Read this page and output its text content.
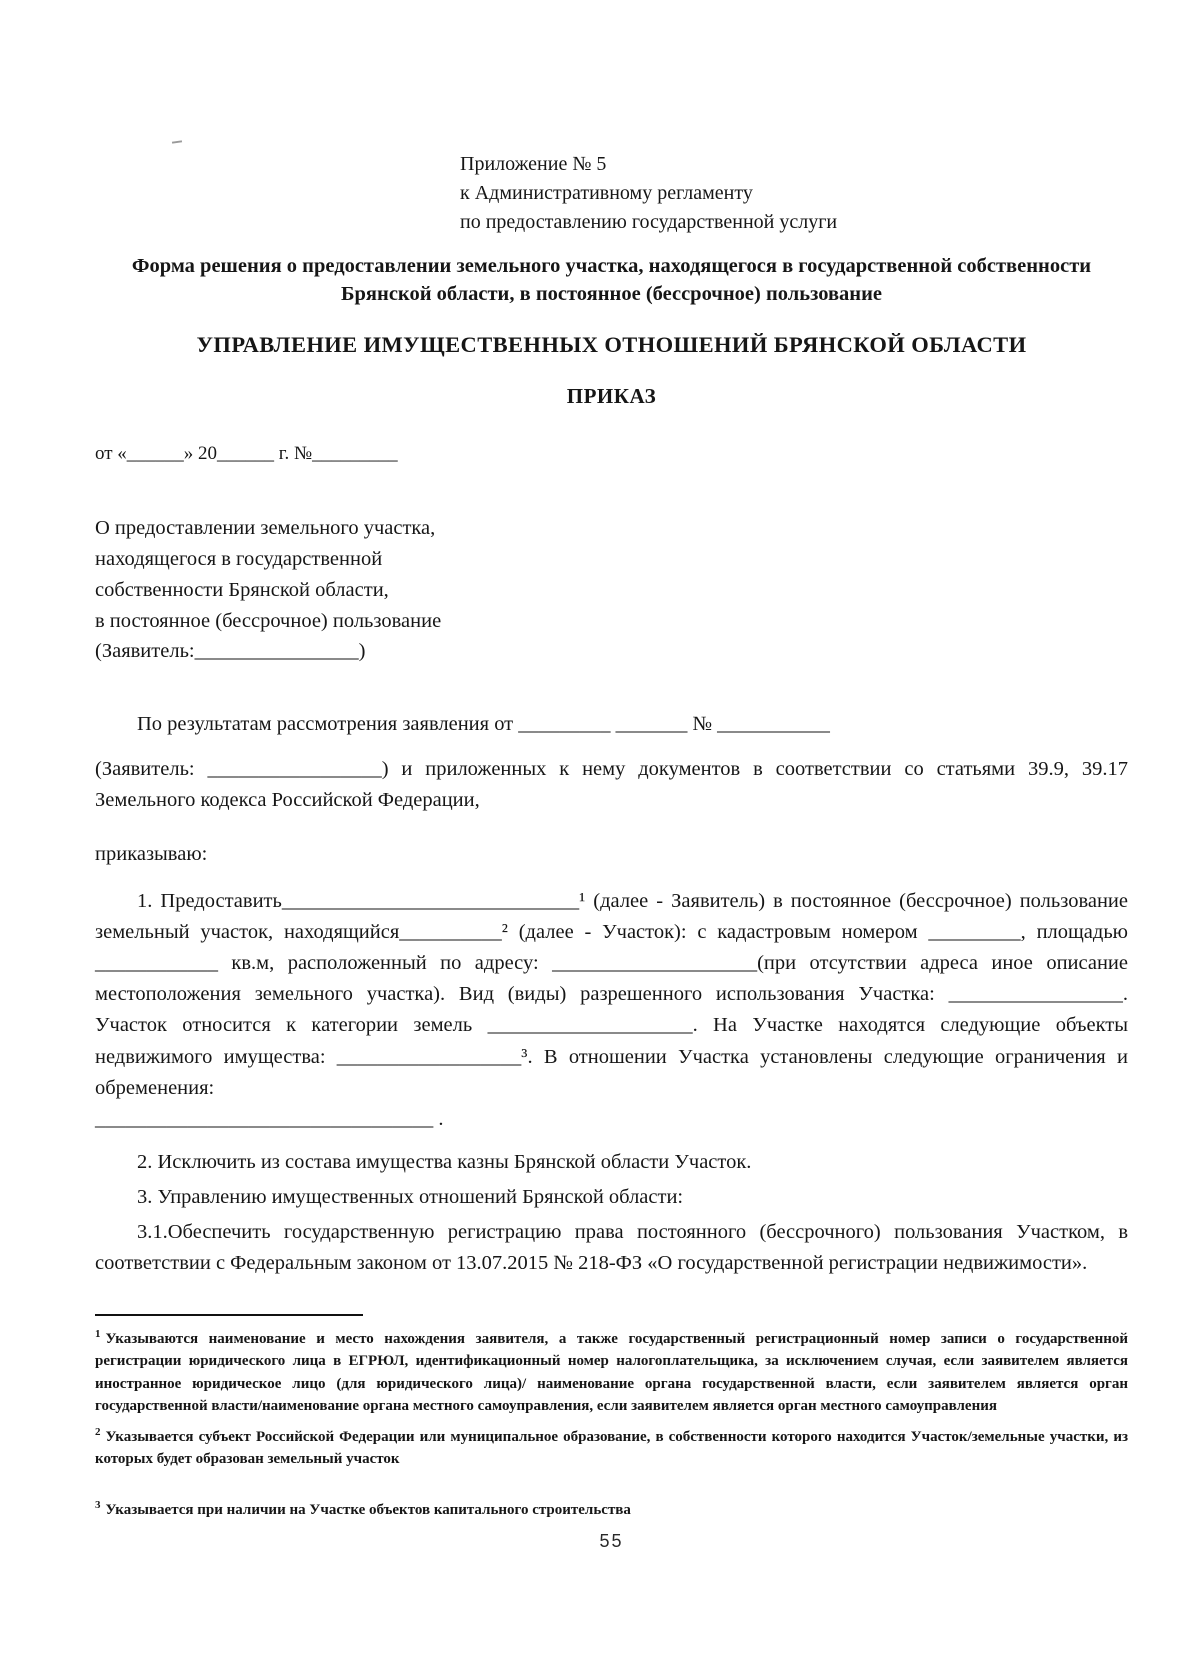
Приложение № 5
к Административному регламенту
по предоставлению государственной услуги
Форма решения о предоставлении земельного участка, находящегося в государственной собственности Брянской области, в постоянное (бессрочное) пользование
УПРАВЛЕНИЕ ИМУЩЕСТВЕННЫХ ОТНОШЕНИЙ БРЯНСКОЙ ОБЛАСТИ
ПРИКАЗ
от «______» 20______ г. №_________
О предоставлении земельного участка,
находящегося в государственной
собственности Брянской области,
в постоянное (бессрочное) пользование
(Заявитель:________________)

По результатам рассмотрения заявления от _________ _______ № ___________

(Заявитель: _________________) и приложенных к нему документов в соответствии со статьями 39.9, 39.17 Земельного кодекса Российской Федерации,

приказываю:

1. Предоставить_____________________________¹ (далее - Заявитель) в постоянное (бессрочное) пользование земельный участок, находящийся__________² (далее - Участок): с кадастровым номером _________, площадью ____________ кв.м, расположенный по адресу: ____________________(при отсутствии адреса иное описание местоположения земельного участка). Вид (виды) разрешенного использования Участка: _________________. Участок относится к категории земель ____________________. На Участке находятся следующие объекты недвижимого имущества: __________________³. В отношении Участка установлены следующие ограничения и обременения:

_________________________________ .

2. Исключить из состава имущества казны Брянской области Участок.

3. Управлению имущественных отношений Брянской области:

3.1.Обеспечить государственную регистрацию права постоянного (бессрочного) пользования Участком, в соответствии с Федеральным законом от 13.07.2015 № 218-ФЗ «О государственной регистрации недвижимости».

$^1$ Указываются наименование и место нахождения заявителя, а также государственный регистрационный номер записи о государственной регистрации юридического лица в ЕГРЮЛ, идентификационный номер налогоплательщика, за исключением случая, если заявителем является иностранное юридическое лицо (для юридического лица)/ наименование органа государственной власти, если заявителем является орган государственной власти/наименование органа местного самоуправления, если заявителем является орган местного самоуправления
$^2$ Указывается субъект Российской Федерации или муниципальное образование, в собственности которого находится Участок/земельные участки, из которых будет образован земельный участок
$^3$ Указывается при наличии на Участке объектов капитального строительства
55
